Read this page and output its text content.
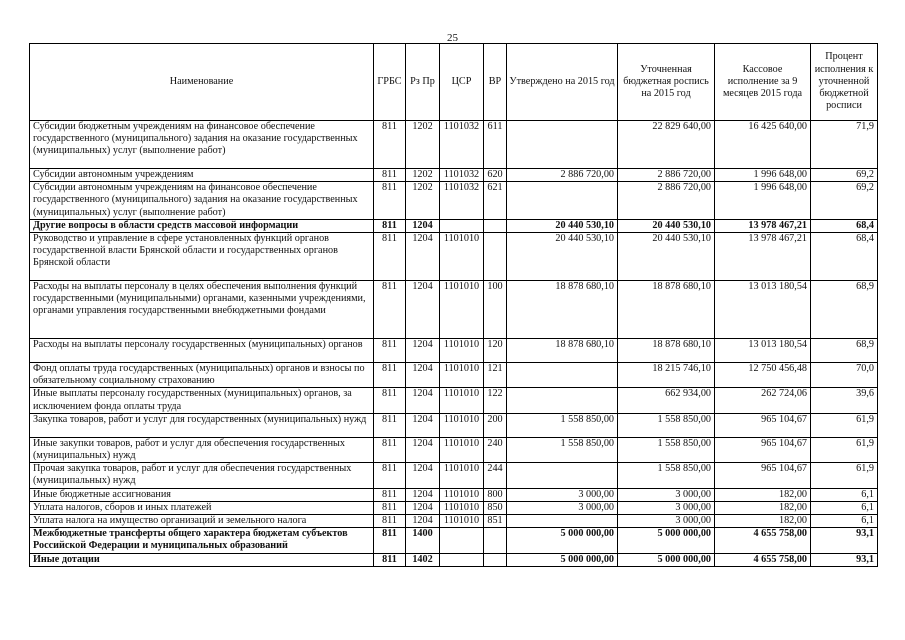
25
Наименование	ГРБС	Рз Пр	ЦСР	ВР	Утверждено на 2015 год	Уточненная бюджетная роспись на 2015 год	Кассовое исполнение за 9 месяцев 2015 года	Процент исполнения к уточненной бюджетной росписи
Субсидии бюджетным учреждениям на финансовое обеспечение государственного (муниципального) задания на оказание государственных (муниципальных) услуг (выполнение работ)	811	1202	1101032	611		22 829 640,00	16 425 640,00	71,9
Субсидии автономным учреждениям	811	1202	1101032	620	2 886 720,00	2 886 720,00	1 996 648,00	69,2
Субсидии автономным учреждениям на финансовое обеспечение государственного (муниципального) задания на оказание государственных (муниципальных) услуг (выполнение работ)	811	1202	1101032	621		2 886 720,00	1 996 648,00	69,2
Другие вопросы в области средств массовой информации	811	1204			20 440 530,10	20 440 530,10	13 978 467,21	68,4
Руководство и управление в сфере установленных функций органов государственной власти Брянской области и государственных органов Брянской области	811	1204	1101010		20 440 530,10	20 440 530,10	13 978 467,21	68,4
Расходы на выплаты персоналу в целях обеспечения выполнения функций государственными (муниципальными) органами, казенными учреждениями, органами управления государственными внебюджетными фондами	811	1204	1101010	100	18 878 680,10	18 878 680,10	13 013 180,54	68,9
Расходы на выплаты персоналу государственных (муниципальных) органов	811	1204	1101010	120	18 878 680,10	18 878 680,10	13 013 180,54	68,9
Фонд оплаты труда государственных (муниципальных) органов и взносы по обязательному социальному страхованию	811	1204	1101010	121		18 215 746,10	12 750 456,48	70,0
Иные выплаты персоналу государственных (муниципальных) органов, за исключением фонда оплаты труда	811	1204	1101010	122		662 934,00	262 724,06	39,6
Закупка товаров, работ и услуг для государственных (муниципальных) нужд	811	1204	1101010	200	1 558 850,00	1 558 850,00	965 104,67	61,9
Иные закупки товаров, работ и услуг для обеспечения государственных (муниципальных) нужд	811	1204	1101010	240	1 558 850,00	1 558 850,00	965 104,67	61,9
Прочая закупка товаров, работ и услуг для обеспечения государственных (муниципальных) нужд	811	1204	1101010	244		1 558 850,00	965 104,67	61,9
Иные бюджетные ассигнования	811	1204	1101010	800	3 000,00	3 000,00	182,00	6,1
Уплата налогов, сборов и иных платежей	811	1204	1101010	850	3 000,00	3 000,00	182,00	6,1
Уплата налога на имущество организаций и земельного налога	811	1204	1101010	851		3 000,00	182,00	6,1
Межбюджетные трансферты общего характера бюджетам субъектов Российской Федерации и муниципальных образований	811	1400			5 000 000,00	5 000 000,00	4 655 758,00	93,1
Иные дотации	811	1402			5 000 000,00	5 000 000,00	4 655 758,00	93,1
